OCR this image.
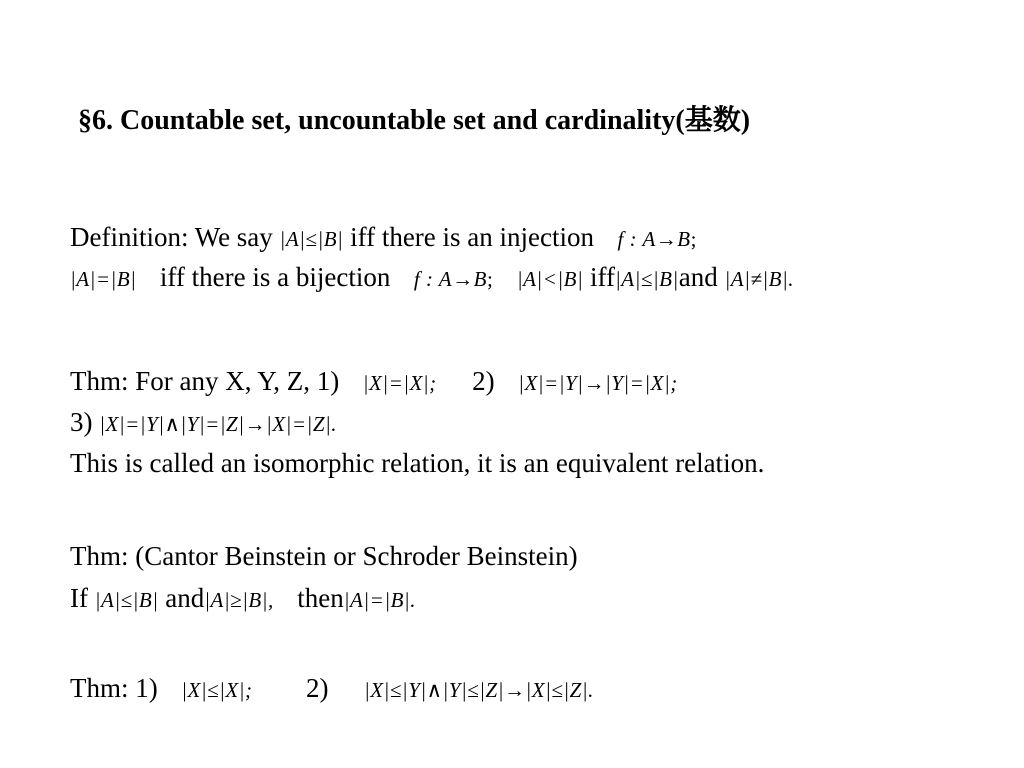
§6. Countable set, uncountable set and cardinality(基数)
Definition: We say |A|≤|B| iff there is an injection f : A→B;
|A|=|B| iff there is a bijection f : A→B; |A|<|B| iff|A|≤|B|and |A|≠|B|.
Thm: For any X, Y, Z, 1) |X|=|X|; 2) |X|=|Y|→|Y|=|X|;
3) |X|=|Y|∧|Y|=|Z|→|X|=|Z|.
This is called an isomorphic relation, it is an equivalent relation.
Thm: (Cantor Beinstein or Schroder Beinstein)
If |A|≤|B| and|A|≥|B|, then|A|=|B|.
Thm: 1) |X|≤|X|; 2) |X|≤|Y|∧|Y|≤|Z|→|X|≤|Z|.
